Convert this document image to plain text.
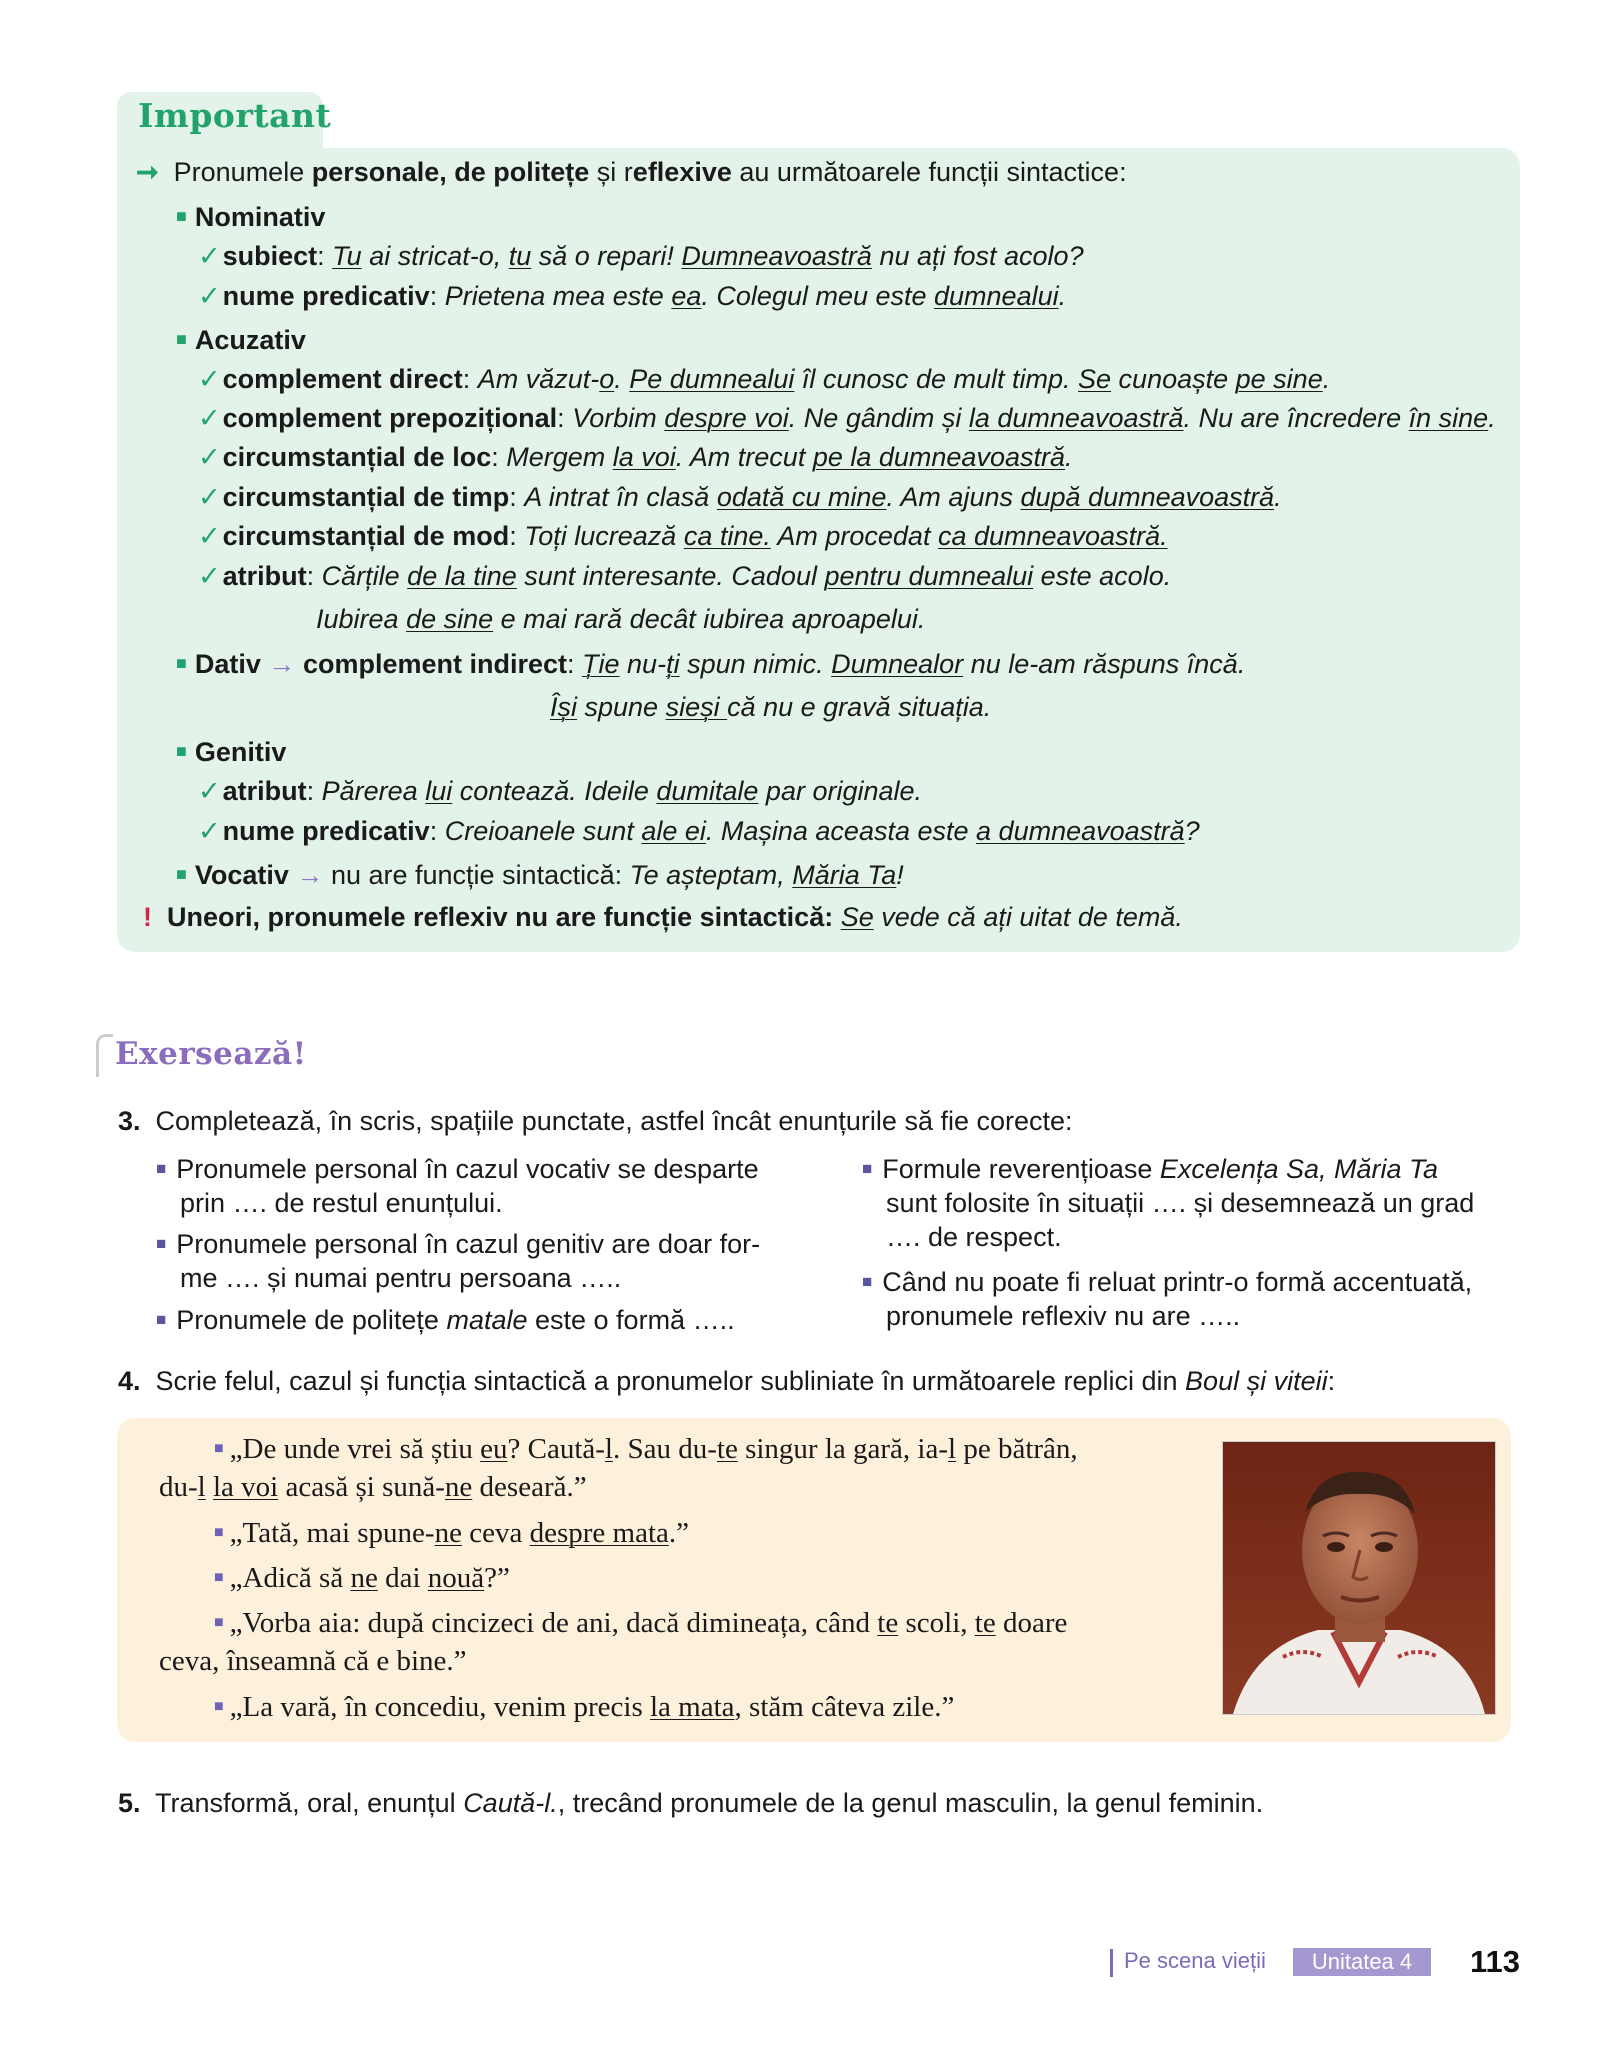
Important
➞ Pronumele personale, de politețe și reflexive au următoarele funcții sintactice:
■ Nominativ
✓subiect: Tu ai stricat-o, tu să o repari! Dumneavoastră nu ați fost acolo?
✓nume predicativ: Prietena mea este ea. Colegul meu este dumnealui.
■ Acuzativ
✓complement direct: Am văzut-o. Pe dumnealui îl cunosc de mult timp. Se cunoaște pe sine.
✓complement prepozițional: Vorbim despre voi. Ne gândim și la dumneavoastră. Nu are încredere în sine.
✓circumstanțial de loc: Mergem la voi. Am trecut pe la dumneavoastră.
✓circumstanțial de timp: A intrat în clasă odată cu mine. Am ajuns după dumneavoastră.
✓circumstanțial de mod: Toți lucrează ca tine. Am procedat ca dumneavoastră.
✓atribut: Cărțile de la tine sunt interesante. Cadoul pentru dumnealui este acolo.
Iubirea de sine e mai rară decât iubirea aproapelui.
■ Dativ → complement indirect: Ție nu-ți spun nimic. Dumnealor nu le-am răspuns încă.
Își spune sieși că nu e gravă situația.
■ Genitiv
✓atribut: Părerea lui contează. Ideile dumitale par originale.
✓nume predicativ: Creioanele sunt ale ei. Mașina aceasta este a dumneavoastră?
■ Vocativ → nu are funcție sintactică: Te așteptam, Măria Ta!
! Uneori, pronumele reflexiv nu are funcție sintactică: Se vede că ați uitat de temă.
Exersează!
3. Completează, în scris, spațiile punctate, astfel încât enunțurile să fie corecte:
■ Pronumele personal în cazul vocativ se desparte
prin …. de restul enunțului.
■ Pronumele personal în cazul genitiv are doar for-
me …. și numai pentru persoana …..
■ Pronumele de politețe matale este o formă …..
■ Formule reverențioase Excelența Sa, Măria Ta
sunt folosite în situații …. și desemnează un grad
…. de respect.
■ Când nu poate fi reluat printr-o formă accentuată,
pronumele reflexiv nu are …..
4. Scrie felul, cazul și funcția sintactică a pronumelor subliniate în următoarele replici din Boul și viteii:
■ „De unde vrei să știu eu? Caută-l. Sau du-te singur la gară, ia-l pe bătrân,
du-l la voi acasă și sună-ne desearǎ.”
■ „Tată, mai spune-ne ceva despre mata.”
■ „Adică să ne dai nouă?”
■ „Vorba aia: după cincizeci de ani, dacă dimineața, când te scoli, te doare
ceva, înseamnă că e bine.”
■ „La vară, în concediu, venim precis la mata, stăm câteva zile.”
5. Transformă, oral, enunțul Caută-l., trecând pronumele de la genul masculin, la genul feminin.
Pe scena vieții	Unitatea 4	113
